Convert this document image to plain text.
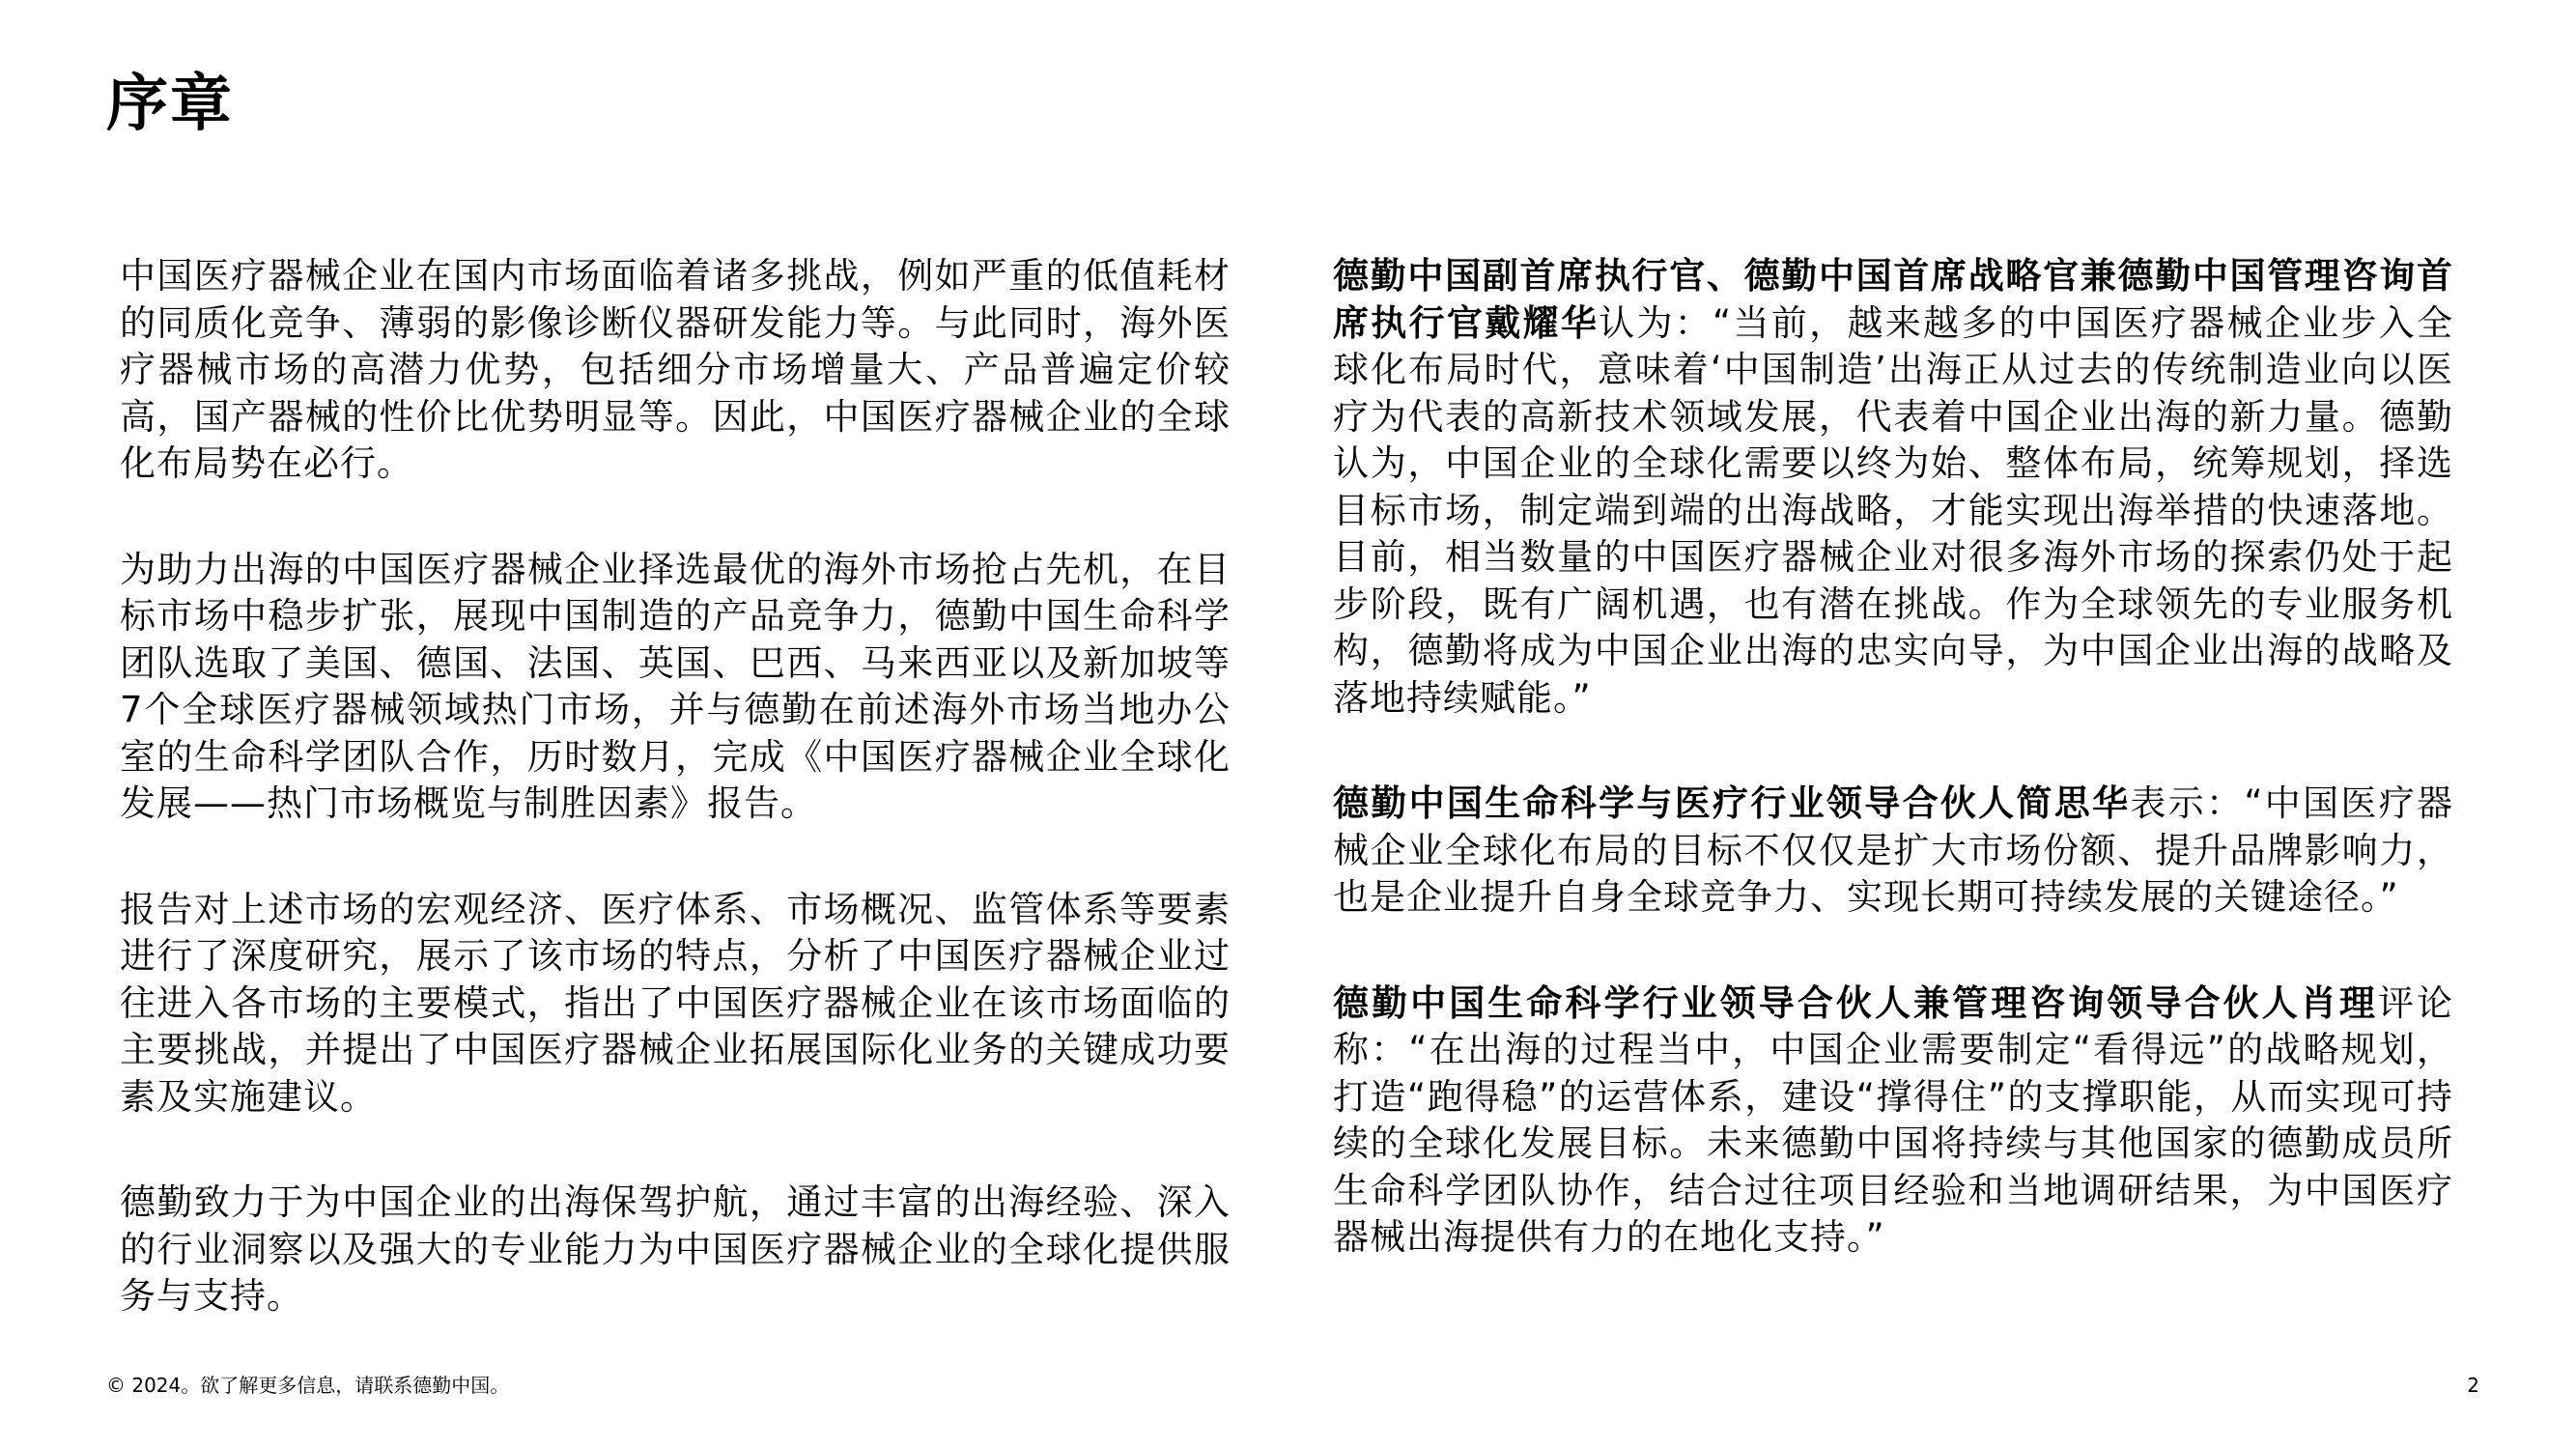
序章

中国医疗器械企业在国内市场面临着诸多挑战，例如严重的低值耗材的同质化竞争、薄弱的影像诊断仪器研发能力等。与此同时，海外医疗器械市场的高潜力优势，包括细分市场增量大、产品普遍定价较高，国产器械的性价比优势明显等。因此，中国医疗器械企业的全球化布局势在必行。

为助力出海的中国医疗器械企业择选最优的海外市场抢占先机，在目标市场中稳步扩张，展现中国制造的产品竞争力，德勤中国生命科学团队选取了美国、德国、法国、英国、巴西、马来西亚以及新加坡等7个全球医疗器械领域热门市场，并与德勤在前述海外市场当地办公室的生命科学团队合作，历时数月，完成《中国医疗器械企业全球化发展——热门市场概览与制胜因素》报告。

报告对上述市场的宏观经济、医疗体系、市场概况、监管体系等要素进行了深度研究，展示了该市场的特点，分析了中国医疗器械企业过往进入各市场的主要模式，指出了中国医疗器械企业在该市场面临的主要挑战，并提出了中国医疗器械企业拓展国际化业务的关键成功要素及实施建议。

德勤致力于为中国企业的出海保驾护航，通过丰富的出海经验、深入的行业洞察以及强大的专业能力为中国医疗器械企业的全球化提供服务与支持。

德勤中国副首席执行官、德勤中国首席战略官兼德勤中国管理咨询首席执行官戴耀华认为：“当前，越来越多的中国医疗器械企业步入全球化布局时代，意味着‘中国制造’出海正从过去的传统制造业向以医疗为代表的高新技术领域发展，代表着中国企业出海的新力量。德勤认为，中国企业的全球化需要以终为始、整体布局，统筹规划，择选目标市场，制定端到端的出海战略，才能实现出海举措的快速落地。目前，相当数量的中国医疗器械企业对很多海外市场的探索仍处于起步阶段，既有广阔机遇，也有潜在挑战。作为全球领先的专业服务机构，德勤将成为中国企业出海的忠实向导，为中国企业出海的战略及落地持续赋能。”

德勤中国生命科学与医疗行业领导合伙人简思华表示：“中国医疗器械企业全球化布局的目标不仅仅是扩大市场份额、提升品牌影响力，也是企业提升自身全球竞争力、实现长期可持续发展的关键途径。”

德勤中国生命科学行业领导合伙人兼管理咨询领导合伙人肖理评论称：“在出海的过程当中，中国企业需要制定“看得远”的战略规划，打造“跑得稳”的运营体系，建设“撑得住”的支撑职能，从而实现可持续的全球化发展目标。未来德勤中国将持续与其他国家的德勤成员所生命科学团队协作，结合过往项目经验和当地调研结果，为中国医疗器械出海提供有力的在地化支持。”

© 2024。欲了解更多信息，请联系德勤中国。	2
